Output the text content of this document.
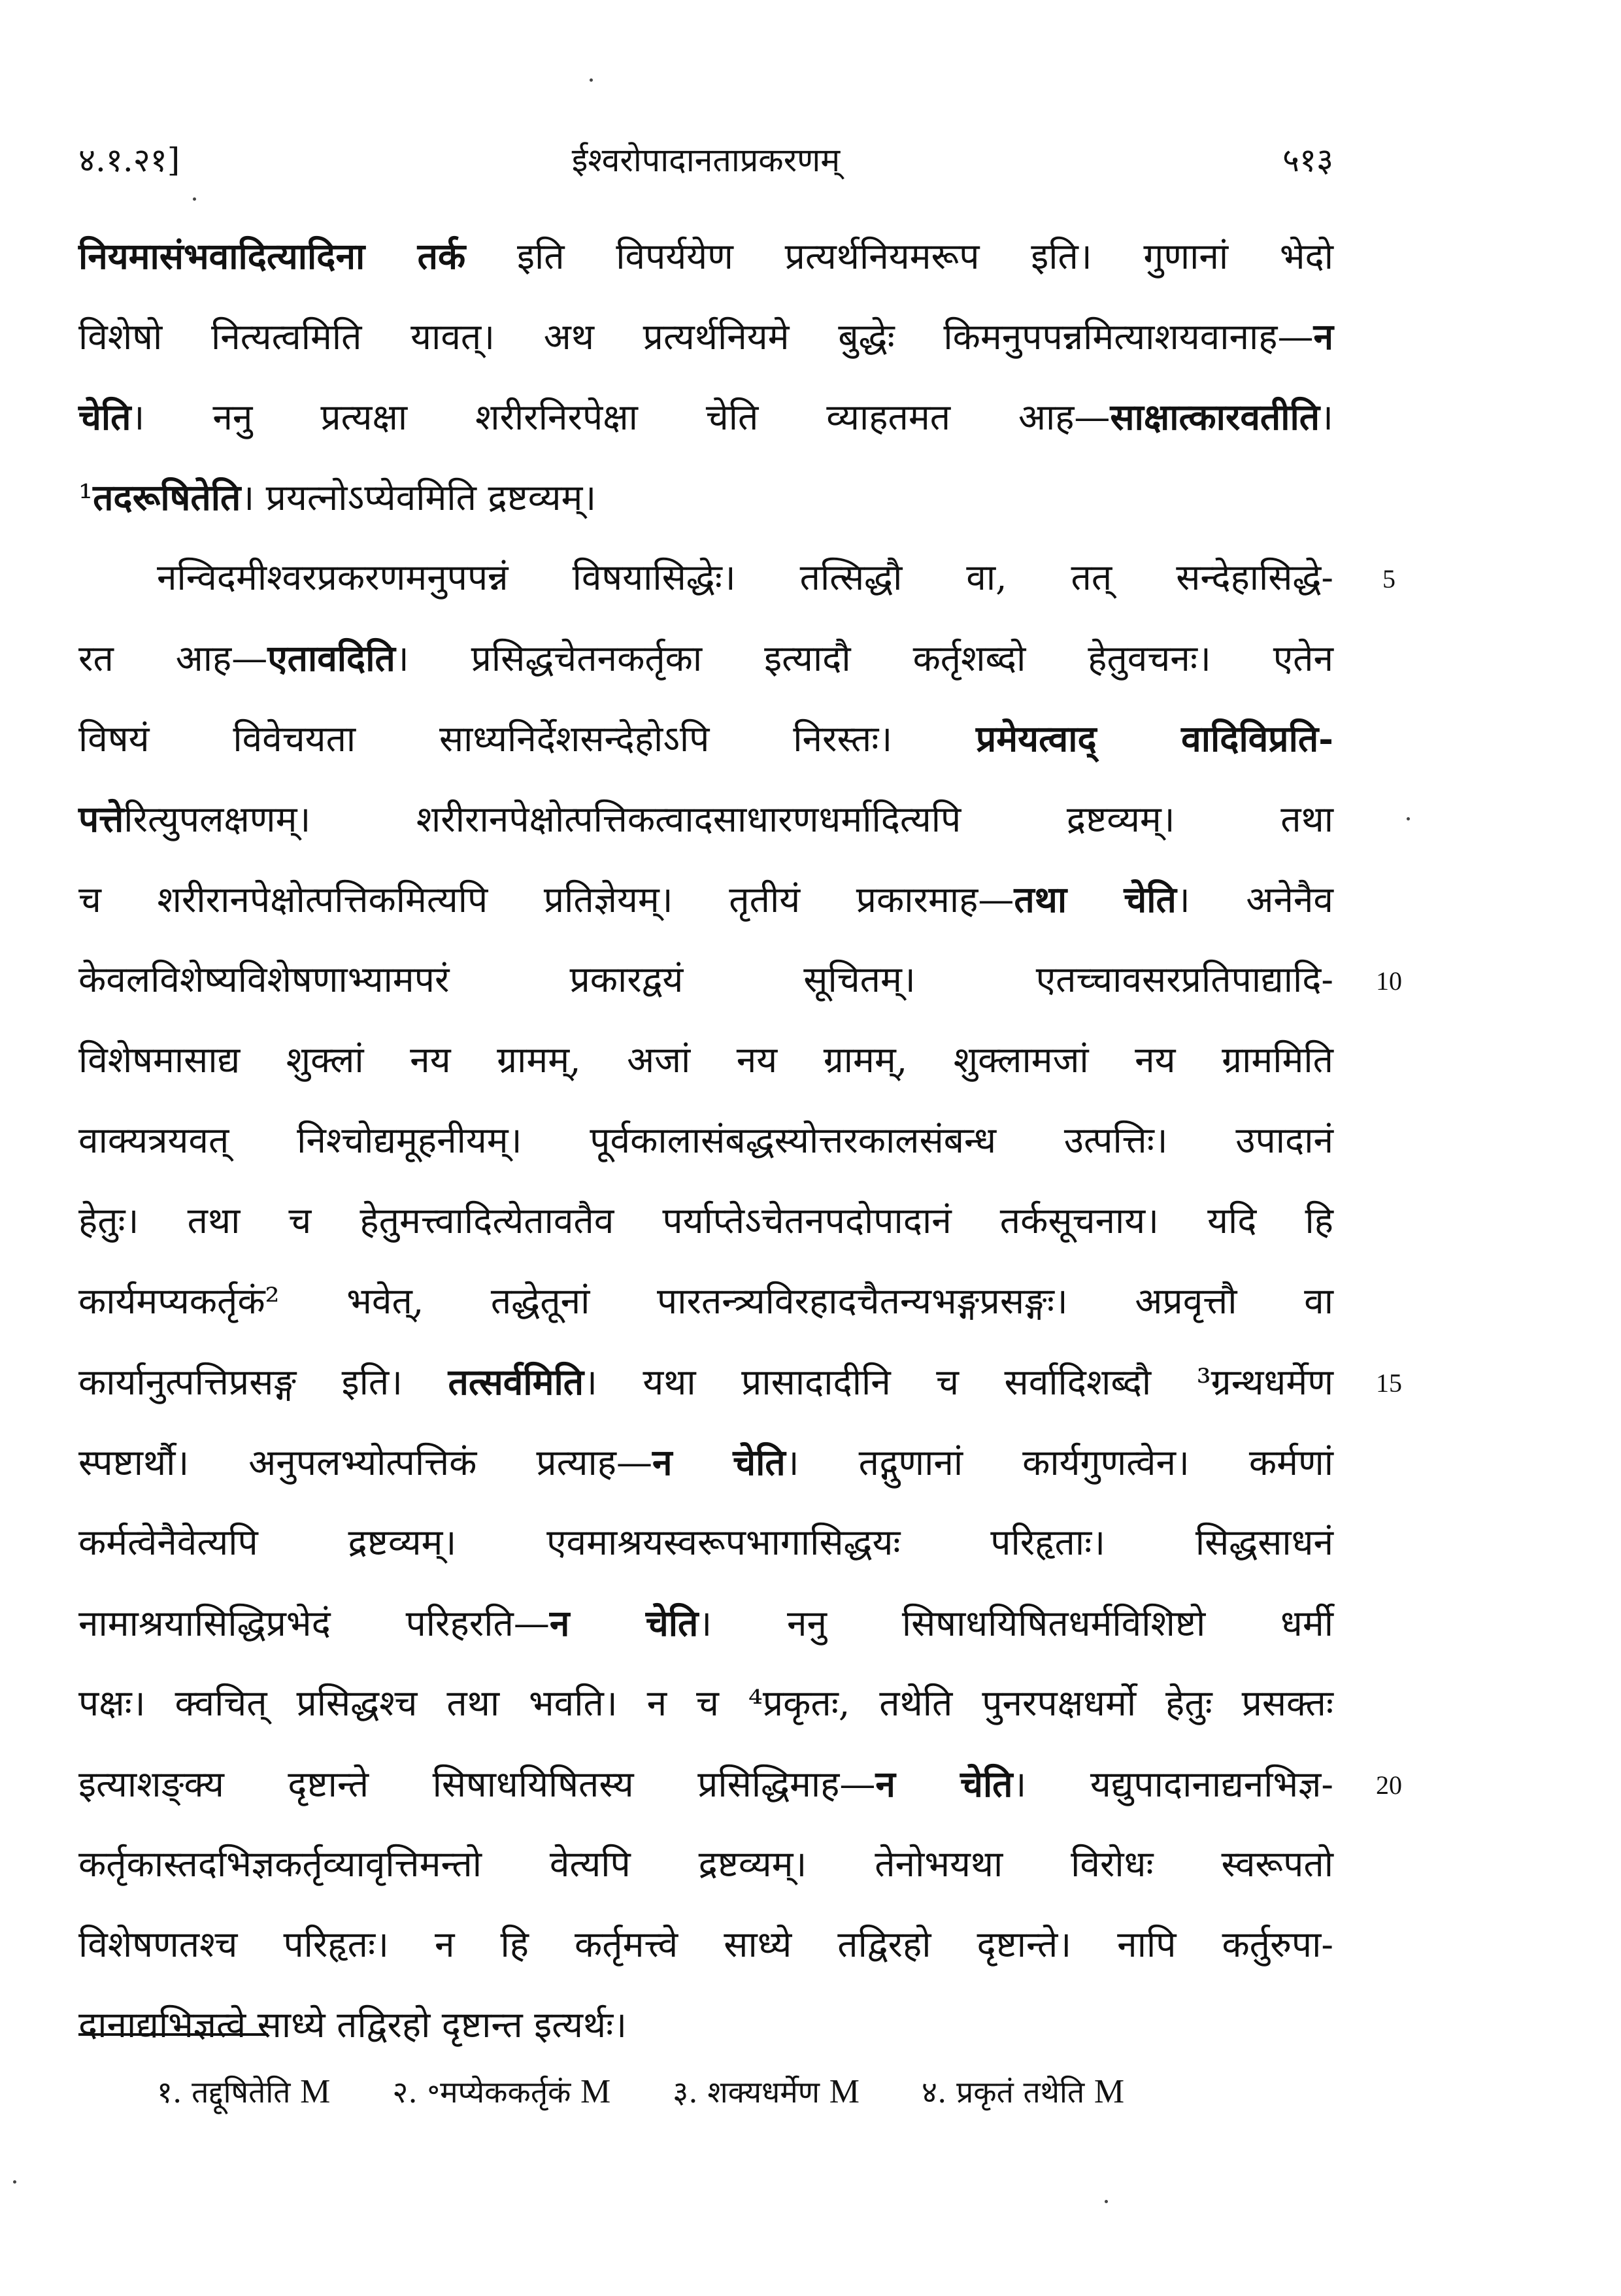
४.१.२१]	ईश्वरोपादानताप्रकरणम्	५१३
नियमासंभवादित्यादिना तर्क इति विपर्ययेण प्रत्यर्थनियमरूप इति। गुणानां भेदो
विशेषो नित्यत्वमिति यावत्। अथ प्रत्यर्थनियमे बुद्धेः किमनुपपन्नमित्याशयवानाह—न
चेति। ननु प्रत्यक्षा शरीरनिरपेक्षा चेति व्याहतमत आह—साक्षात्कारवतीति।
¹तदरूषितेति। प्रयत्नोऽप्येवमिति द्रष्टव्यम्।
नन्विदमीश्वरप्रकरणमनुपपन्नं विषयासिद्धेः। तत्सिद्धौ वा, तत् सन्देहासिद्धे-
रत आह—एतावदिति। प्रसिद्धचेतनकर्तृका इत्यादौ कर्तृशब्दो हेतुवचनः। एतेन
विषयं विवेचयता साध्यनिर्देशसन्देहोऽपि निरस्तः। प्रमेयत्वाद् वादिविप्रति-
पत्तेरित्युपलक्षणम्। शरीरानपेक्षोत्पत्तिकत्वादसाधारणधर्मादित्यपि द्रष्टव्यम्। तथा
च शरीरानपेक्षोत्पत्तिकमित्यपि प्रतिज्ञेयम्। तृतीयं प्रकारमाह—तथा चेति। अनेनैव
केवलविशेष्यविशेषणाभ्यामपरं प्रकारद्वयं सूचितम्। एतच्चावसरप्रतिपाद्यादि-
विशेषमासाद्य शुक्लां नय ग्रामम्, अजां नय ग्रामम्, शुक्लामजां नय ग्राममिति
वाक्यत्रयवत् निश्चोद्यमूहनीयम्। पूर्वकालासंबद्धस्योत्तरकालसंबन्ध उत्पत्तिः। उपादानं
हेतुः। तथा च हेतुमत्त्वादित्येतावतैव पर्याप्तेऽचेतनपदोपादानं तर्कसूचनाय। यदि हि
कार्यमप्यकर्तृकं² भवेत्, तद्धेतूनां पारतन्त्र्यविरहादचैतन्यभङ्गप्रसङ्गः। अप्रवृत्तौ वा
कार्यानुत्पत्तिप्रसङ्ग इति। तत्सर्वमिति। यथा प्रासादादीनि च सर्वादिशब्दौ ³ग्रन्थधर्मेण
स्पष्टार्थौ। अनुपलभ्योत्पत्तिकं प्रत्याह—न चेति। तद्गुणानां कार्यगुणत्वेन। कर्मणां
कर्मत्वेनैवेत्यपि द्रष्टव्यम्। एवमाश्रयस्वरूपभागासिद्धयः परिहृताः। सिद्धसाधनं
नामाश्रयासिद्धिप्रभेदं परिहरति—न चेति। ननु सिषाधयिषितधर्मविशिष्टो धर्मी
पक्षः। क्वचित् प्रसिद्धश्च तथा भवति। न च ⁴प्रकृतः, तथेति पुनरपक्षधर्मो हेतुः प्रसक्तः
इत्याशङ्क्य दृष्टान्ते सिषाधयिषितस्य प्रसिद्धिमाह—न चेति। यद्युपादानाद्यनभिज्ञ-
कर्तृकास्तदभिज्ञकर्तृव्यावृत्तिमन्तो वेत्यपि द्रष्टव्यम्। तेनोभयथा विरोधः स्वरूपतो
विशेषणतश्च परिहृतः। न हि कर्तृमत्त्वे साध्ये तद्विरहो दृष्टान्ते। नापि कर्तुरुपा-
दानाद्यभिज्ञत्वे साध्ये तद्विरहो दृष्टान्त इत्यर्थः।
5
10
15
20
१. तद्दूषितेति M २. ॰मप्येककर्तृकं M ३. शक्यधर्मेण M ४. प्रकृतं तथेति M
